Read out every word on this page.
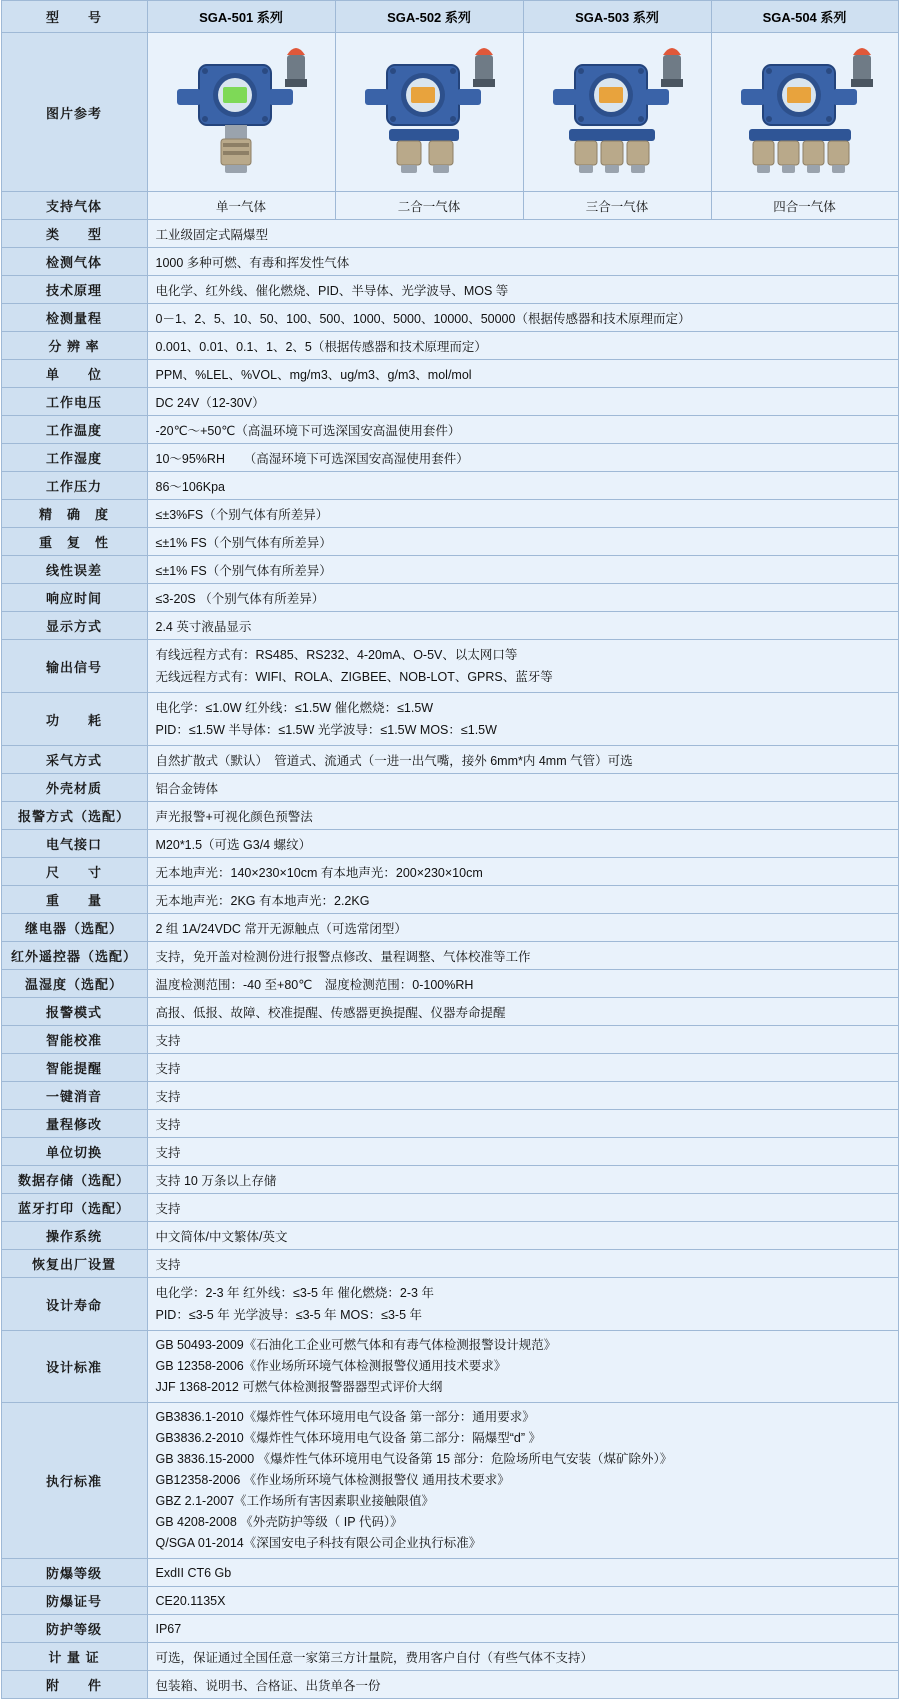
型　　号	SGA-501 系列	SGA-502 系列	SGA-503 系列	SGA-504 系列
图片参考	

支持气体	单一气体	二合一气体	三合一气体	四合一气体
类　　型	工业级固定式隔爆型			
检测气体	1000 多种可燃、有毒和挥发性气体			
技术原理	电化学、红外线、催化燃烧、PID、半导体、光学波导、MOS 等			
检测量程	0－1、2、5、10、50、100、500、1000、5000、10000、50000（根据传感器和技术原理而定）			
分 辨 率	0.001、0.01、0.1、1、2、5（根据传感器和技术原理而定）			
单　　位	PPM、%LEL、%VOL、mg/m3、ug/m3、g/m3、mol/mol			
工作电压	DC 24V（12-30V）			
工作温度	-20℃～+50℃（高温环境下可选深国安高温使用套件）			
工作湿度	10～95%RH　　（高湿环境下可选深国安高湿使用套件）			
工作压力	86～106Kpa			
精　确　度	≤±3%FS（个别气体有所差异）			
重　复　性	≤±1% FS（个别气体有所差异）			
线性误差	≤±1% FS（个别气体有所差异）			
响应时间	≤3-20S （个别气体有所差异）			
显示方式	2.4 英寸液晶显示			
输出信号	有线远程方式有：RS485、RS232、4-20mA、O-5V、以太网口等
无线远程方式有：WIFI、ROLA、ZIGBEE、NOB-LOT、GPRS、蓝牙等			

功　　耗	电化学：≤1.0W 红外线：≤1.5W 催化燃烧：≤1.5W
PID：≤1.5W 半导体：≤1.5W 光学波导：≤1.5W MOS：≤1.5W			

采气方式	自然扩散式（默认）　管道式、流通式（一进一出气嘴，接外 6mm*内 4mm 气管）可选			
外壳材质	铝合金铸体			
报警方式（选配）	声光报警+可视化颜色预警法			
电气接口	M20*1.5（可选 G3/4 螺纹）			
尺　　寸	无本地声光：140×230×10cm 有本地声光：200×230×10cm			
重　　量	无本地声光：2KG 有本地声光：2.2KG			
继电器（选配）	2 组 1A/24VDC 常开无源触点（可选常闭型）			
红外遥控器（选配）	支持，免开盖对检测份进行报警点修改、量程调整、气体校准等工作			
温湿度（选配）	温度检测范围：-40 至+80℃　湿度检测范围：0-100%RH			
报警模式	高报、低报、故障、校准提醒、传感器更换提醒、仪器寿命提醒			
智能校准	支持			
智能提醒	支持			
一键消音	支持			
量程修改	支持			
单位切换	支持			
数据存储（选配）	支持 10 万条以上存储			
蓝牙打印（选配）	支持			
操作系统	中文简体/中文繁体/英文			
恢复出厂设置	支持			
设计寿命	电化学：2-3 年 红外线：≤3-5 年 催化燃烧：2-3 年
PID：≤3-5 年 光学波导：≤3-5 年 MOS：≤3-5 年			

设计标准	GB 50493-2009《石油化工企业可燃气体和有毒气体检测报警设计规范》
GB 12358-2006《作业场所环境气体检测报警仪通用技术要求》
JJF 1368-2012 可燃气体检测报警器器型式评价大纲			

执行标准	
GB3836.1-2010《爆炸性气体环境用电气设备 第一部分：通用要求》
GB3836.2-2010《爆炸性气体环境用电气设备 第二部分：隔爆型“d” 》
GB 3836.15-2000 《爆炸性气体环境用电气设备第 15 部分：危险场所电气安装（煤矿除外）》
GB12358-2006 《作业场所环境气体检测报警仪 通用技术要求》
GBZ 2.1-2007《工作场所有害因素职业接触限值》
GB 4208-2008 《外壳防护等级（ IP 代码）》
Q/SGA 01-2014《深国安电子科技有限公司企业执行标准》

防爆等级	ExdII CT6 Gb			
防爆证号	CE20.1135X			
防护等级	IP67			
计 量 证	可选，保证通过全国任意一家第三方计量院，费用客户自付（有些气体不支持）			
附　　件	包装箱、说明书、合格证、出货单各一份			
